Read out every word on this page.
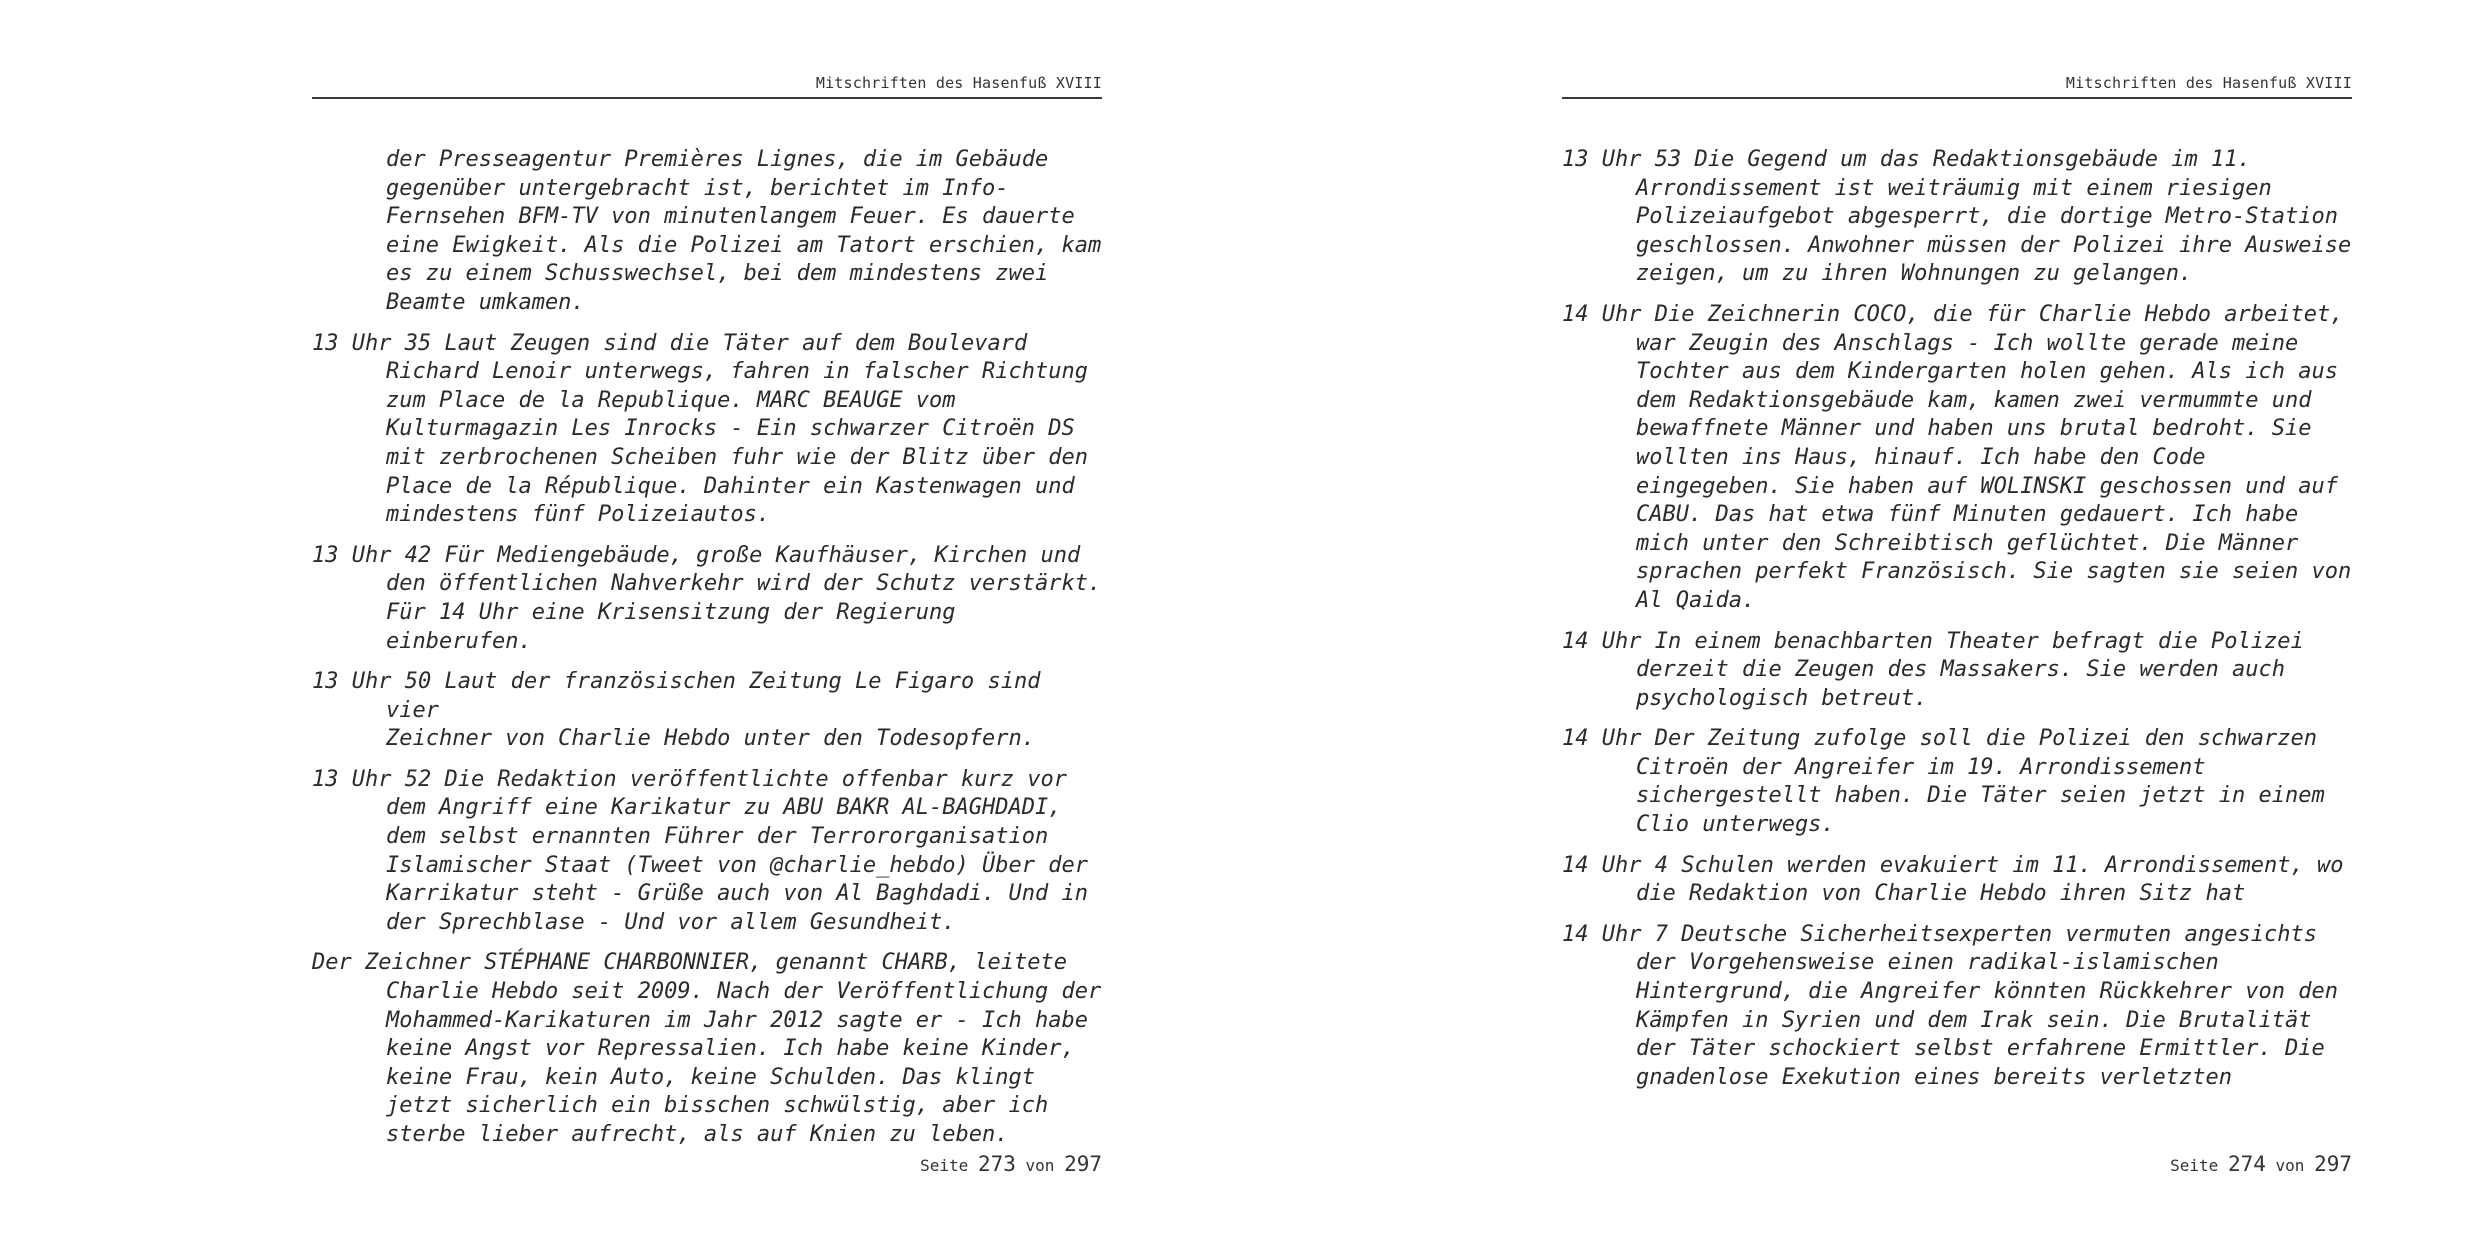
Mitschriften des Hasenfuß XVIII

der Presseagentur Premières Lignes, die im Gebäude
gegenüber untergebracht ist, berichtet im Info-
Fernsehen BFM-TV von minutenlangem Feuer. Es dauerte
eine Ewigkeit. Als die Polizei am Tatort erschien, kam
es zu einem Schusswechsel, bei dem mindestens zwei
Beamte umkamen.

13 Uhr 35 Laut Zeugen sind die Täter auf dem Boulevard
Richard Lenoir unterwegs, fahren in falscher Richtung
zum Place de la Republique. MARC BEAUGE vom
Kulturmagazin Les Inrocks - Ein schwarzer Citroën DS
mit zerbrochenen Scheiben fuhr wie der Blitz über den
Place de la République. Dahinter ein Kastenwagen und
mindestens fünf Polizeiautos.

13 Uhr 42 Für Mediengebäude, große Kaufhäuser, Kirchen und
den öffentlichen Nahverkehr wird der Schutz verstärkt.
Für 14 Uhr eine Krisensitzung der Regierung
einberufen.

13 Uhr 50 Laut der französischen Zeitung Le Figaro sind vier
Zeichner von Charlie Hebdo unter den Todesopfern.

13 Uhr 52 Die Redaktion veröffentlichte offenbar kurz vor
dem Angriff eine Karikatur zu ABU BAKR AL-BAGHDADI,
dem selbst ernannten Führer der Terrororganisation
Islamischer Staat (Tweet von @charlie_hebdo) Über der
Karrikatur steht - Grüße auch von Al Baghdadi. Und in
der Sprechblase - Und vor allem Gesundheit.

Der Zeichner STÉPHANE CHARBONNIER, genannt CHARB, leitete
Charlie Hebdo seit 2009. Nach der Veröffentlichung der
Mohammed-Karikaturen im Jahr 2012 sagte er - Ich habe
keine Angst vor Repressalien. Ich habe keine Kinder,
keine Frau, kein Auto, keine Schulden. Das klingt
jetzt sicherlich ein bisschen schwülstig, aber ich
sterbe lieber aufrecht, als auf Knien zu leben.

Seite 273 von 297
Mitschriften des Hasenfuß XVIII

13 Uhr 53 Die Gegend um das Redaktionsgebäude im 11.
Arrondissement ist weiträumig mit einem riesigen
Polizeiaufgebot abgesperrt, die dortige Metro-Station
geschlossen. Anwohner müssen der Polizei ihre Ausweise
zeigen, um zu ihren Wohnungen zu gelangen.

14 Uhr Die Zeichnerin COCO, die für Charlie Hebdo arbeitet,
war Zeugin des Anschlags - Ich wollte gerade meine
Tochter aus dem Kindergarten holen gehen. Als ich aus
dem Redaktionsgebäude kam, kamen zwei vermummte und
bewaffnete Männer und haben uns brutal bedroht. Sie
wollten ins Haus, hinauf. Ich habe den Code
eingegeben. Sie haben auf WOLINSKI geschossen und auf
CABU. Das hat etwa fünf Minuten gedauert. Ich habe
mich unter den Schreibtisch geflüchtet. Die Männer
sprachen perfekt Französisch. Sie sagten sie seien von
Al Qaida.

14 Uhr In einem benachbarten Theater befragt die Polizei
derzeit die Zeugen des Massakers. Sie werden auch
psychologisch betreut.

14 Uhr Der Zeitung zufolge soll die Polizei den schwarzen
Citroën der Angreifer im 19. Arrondissement
sichergestellt haben. Die Täter seien jetzt in einem
Clio unterwegs.

14 Uhr 4 Schulen werden evakuiert im 11. Arrondissement, wo
die Redaktion von Charlie Hebdo ihren Sitz hat

14 Uhr 7 Deutsche Sicherheitsexperten vermuten angesichts
der Vorgehensweise einen radikal-islamischen
Hintergrund, die Angreifer könnten Rückkehrer von den
Kämpfen in Syrien und dem Irak sein. Die Brutalität
der Täter schockiert selbst erfahrene Ermittler. Die
gnadenlose Exekution eines bereits verletzten

Seite 274 von 297
